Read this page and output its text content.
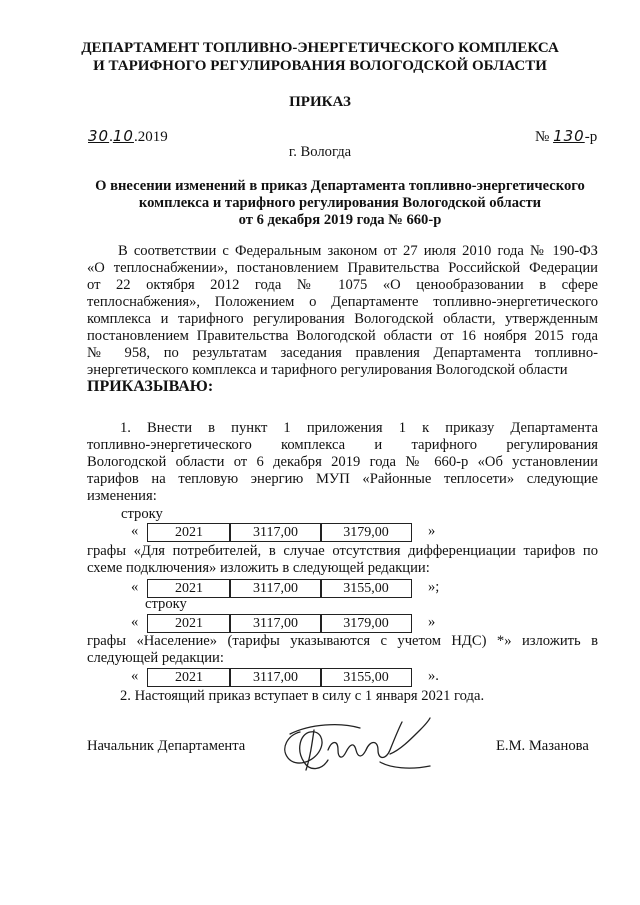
ДЕПАРТАМЕНТ ТОПЛИВНО-ЭНЕРГЕТИЧЕСКОГО КОМПЛЕКСА
И ТАРИФНОГО РЕГУЛИРОВАНИЯ ВОЛОГОДСКОЙ ОБЛАСТИ
ПРИКАЗ
30.10.2019	№ 130-р
г. Вологда
О внесении изменений в приказ Департамента топливно-энергетического
комплекса и тарифного регулирования Вологодской области
от 6 декабря 2019 года № 660-р
В соответствии с Федеральным законом от 27 июля 2010 года № 190-ФЗ
«О теплоснабжении», постановлением Правительства Российской Федерации
от 22 октября 2012 года № 1075 «О ценообразовании в сфере
теплоснабжения», Положением о Департаменте топливно-энергетического
комплекса и тарифного регулирования Вологодской области, утвержденным
постановлением Правительства Вологодской области от 16 ноября 2015 года
№ 958, по результатам заседания правления Департамента топливно-
энергетического комплекса и тарифного регулирования Вологодской области
ПРИКАЗЫВАЮ:
1. Внести в пункт 1 приложения 1 к приказу Департамента
топливно-энергетического комплекса и тарифного регулирования
Вологодской области от 6 декабря 2019 года № 660-р «Об установлении
тарифов на тепловую энергию МУП «Районные теплосети» следующие
изменения:
строку
«	2021	3117,00	3179,00	»
графы «Для потребителей, в случае отсутствия дифференциации тарифов по
схеме подключения» изложить в следующей редакции:
«	2021	3117,00	3155,00	»;
строку
«	2021	3117,00	3179,00	»
графы «Население» (тарифы указываются с учетом НДС) *» изложить в
следующей редакции:
«	2021	3117,00	3155,00	».
2. Настоящий приказ вступает в силу с 1 января 2021 года.
Начальник Департамента	Е.М. Мазанова
